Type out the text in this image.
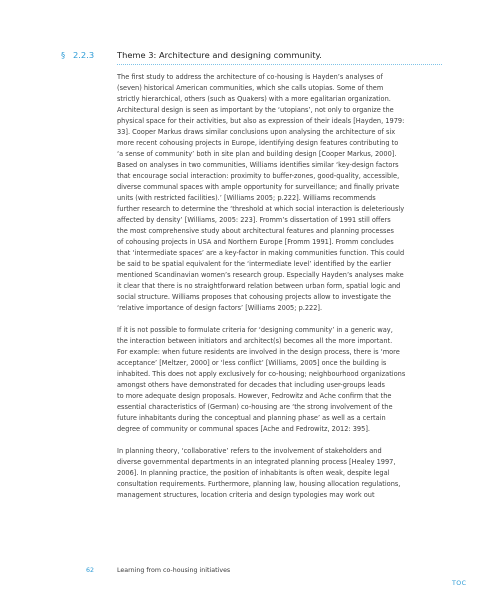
§ 2.2.3	Theme 3: Architecture and designing community.

The first study to address the architecture of co-housing is Hayden’s analyses of
(seven) historical American communities, which she calls utopias. Some of them
strictly hierarchical, others (such as Quakers) with a more egalitarian organization.
Architectural design is seen as important by the ‘utopians’, not only to organize the
physical space for their activities, but also as expression of their ideals [Hayden, 1979:
33]. Cooper Markus draws similar conclusions upon analysing the architecture of six
more recent cohousing projects in Europe, identifying design features contributing to
‘a sense of community’ both in site plan and building design [Cooper Markus, 2000].
Based on analyses in two communities, Williams identifies similar ‘key-design factors
that encourage social interaction: proximity to buffer-zones, good-quality, accessible,
diverse communal spaces with ample opportunity for surveillance; and finally private
units (with restricted facilities).’ [Williams 2005; p.222]. Williams recommends
further research to determine the ‘threshold at which social interaction is deleteriously
affected by density’ [Williams, 2005: 223]. Fromm’s dissertation of 1991 still offers
the most comprehensive study about architectural features and planning processes
of cohousing projects in USA and Northern Europe [Fromm 1991]. Fromm concludes
that ‘intermediate spaces’ are a key-factor in making communities function. This could
be said to be spatial equivalent for the ‘intermediate level’ identified by the earlier
mentioned Scandinavian women’s research group. Especially Hayden’s analyses make
it clear that there is no straightforward relation between urban form, spatial logic and
social structure. Williams proposes that cohousing projects allow to investigate the
‘relative importance of design factors’ [Williams 2005; p.222].

If it is not possible to formulate criteria for ‘designing community’ in a generic way,
the interaction between initiators and architect(s) becomes all the more important.
For example: when future residents are involved in the design process, there is ‘more
acceptance’ [Meltzer, 2000] or ‘less conflict’ [Williams, 2005] once the building is
inhabited. This does not apply exclusively for co-housing; neighbourhood organizations
amongst others have demonstrated for decades that including user-groups leads
to more adequate design proposals. However, Fedrowitz and Ache confirm that the
essential characteristics of (German) co-housing are ‘the strong involvement of the
future inhabitants during the conceptual and planning phase’ as well as a certain
degree of community or communal spaces [Ache and Fedrowitz, 2012: 395].

In planning theory, ‘collaborative’ refers to the involvement of stakeholders and
diverse governmental departments in an integrated planning process [Healey 1997,
2006]. In planning practice, the position of inhabitants is often weak, despite legal
consultation requirements. Furthermore, planning law, housing allocation regulations,
management structures, location criteria and design typologies may work out

62	Learning from co-housing initiatives
TOC
